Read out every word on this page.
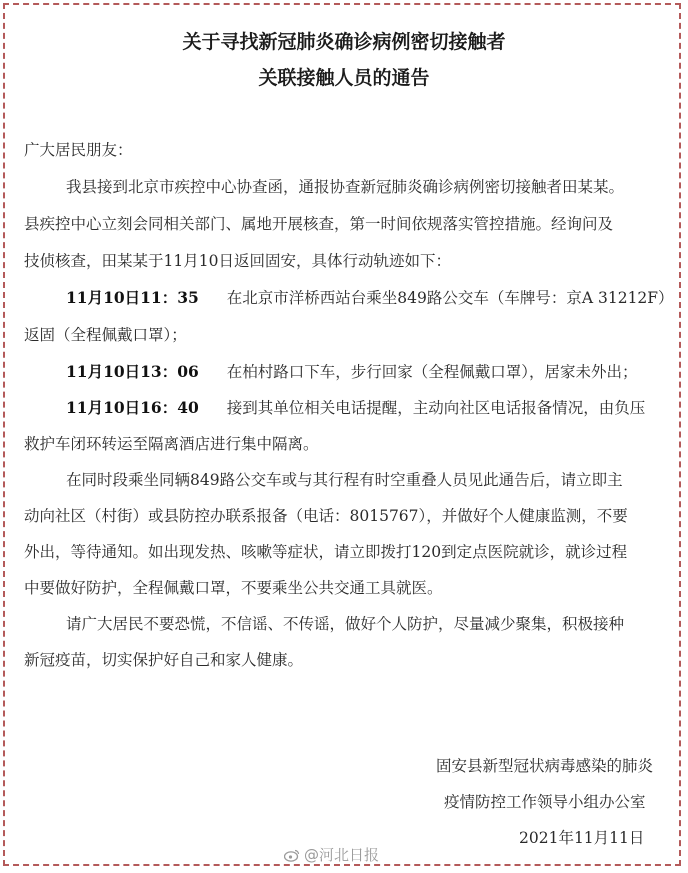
关于寻找新冠肺炎确诊病例密切接触者
关联接触人员的通告
广大居民朋友：
我县接到北京市疾控中心协查函，通报协查新冠肺炎确诊病例密切接触者田某某。
县疾控中心立刻会同相关部门、属地开展核查，第一时间依规落实管控措施。经询问及
技侦核查，田某某于11月10日返回固安，具体行动轨迹如下：
11月10日11：35 在北京市洋桥西站台乘坐849路公交车（车牌号：京A 31212F）
返固（全程佩戴口罩）；
11月10日13：06 在柏村路口下车，步行回家（全程佩戴口罩），居家未外出；
11月10日16：40 接到其单位相关电话提醒，主动向社区电话报备情况，由负压
救护车闭环转运至隔离酒店进行集中隔离。
在同时段乘坐同辆849路公交车或与其行程有时空重叠人员见此通告后，请立即主
动向社区（村街）或县防控办联系报备（电话：8015767），并做好个人健康监测，不要
外出，等待通知。如出现发热、咳嗽等症状，请立即拨打120到定点医院就诊，就诊过程
中要做好防护，全程佩戴口罩，不要乘坐公共交通工具就医。
请广大居民不要恐慌，不信谣、不传谣，做好个人防护，尽量减少聚集，积极接种
新冠疫苗，切实保护好自己和家人健康。
固安县新型冠状病毒感染的肺炎
疫情防控工作领导小组办公室
2021年11月11日
@河北日报
